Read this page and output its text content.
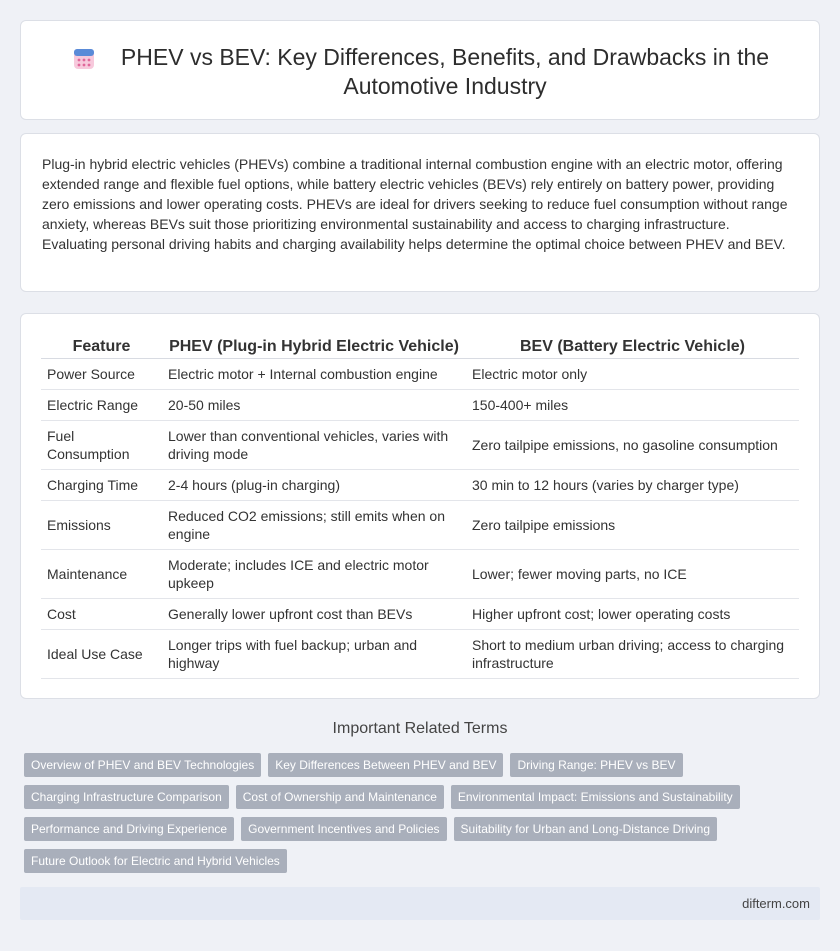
PHEV vs BEV: Key Differences, Benefits, and Drawbacks in the Automotive Industry

Plug-in hybrid electric vehicles (PHEVs) combine a traditional internal combustion engine with an electric motor, offering extended range and flexible fuel options, while battery electric vehicles (BEVs) rely entirely on battery power, providing zero emissions and lower operating costs. PHEVs are ideal for drivers seeking to reduce fuel consumption without range anxiety, whereas BEVs suit those prioritizing environmental sustainability and access to charging infrastructure. Evaluating personal driving habits and charging availability helps determine the optimal choice between PHEV and BEV.

Feature	PHEV (Plug-in Hybrid Electric Vehicle)	BEV (Battery Electric Vehicle)
Power Source	Electric motor + Internal combustion engine	Electric motor only
Electric Range	20-50 miles	150-400+ miles
Fuel Consumption	Lower than conventional vehicles, varies with driving mode	Zero tailpipe emissions, no gasoline consumption
Charging Time	2-4 hours (plug-in charging)	30 min to 12 hours (varies by charger type)
Emissions	Reduced CO2 emissions; still emits when on engine	Zero tailpipe emissions
Maintenance	Moderate; includes ICE and electric motor upkeep	Lower; fewer moving parts, no ICE
Cost	Generally lower upfront cost than BEVs	Higher upfront cost; lower operating costs
Ideal Use Case	Longer trips with fuel backup; urban and highway	Short to medium urban driving; access to charging infrastructure
Important Related Terms
Overview of PHEV and BEV Technologies	Key Differences Between PHEV and BEV	Driving Range: PHEV vs BEV
Charging Infrastructure Comparison	Cost of Ownership and Maintenance	Environmental Impact: Emissions and Sustainability
Performance and Driving Experience	Government Incentives and Policies	Suitability for Urban and Long-Distance Driving
Future Outlook for Electric and Hybrid Vehicles
difterm.com
